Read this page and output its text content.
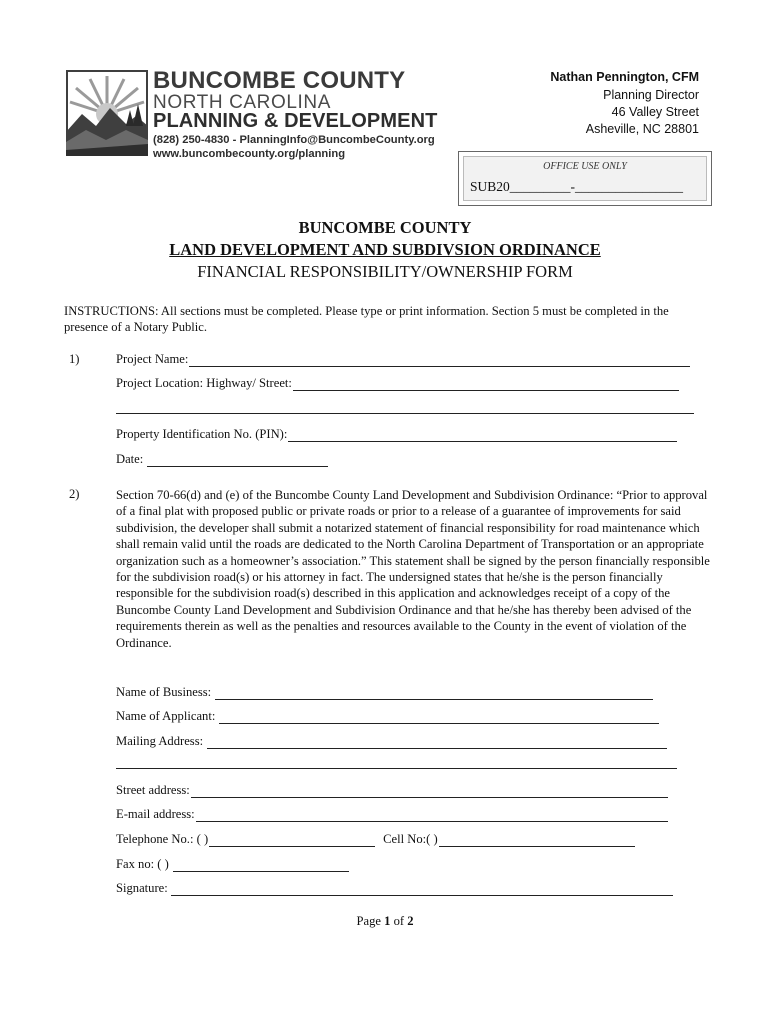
BUNCOMBE COUNTY
NORTH CAROLINA
PLANNING & DEVELOPMENT
(828) 250-4830 - PlanningInfo@BuncombeCounty.org
www.buncombecounty.org/planning
Nathan Pennington, CFM
Planning Director
46 Valley Street
Asheville, NC 28801
OFFICE USE ONLY
SUB20_________-________________
BUNCOMBE COUNTY
LAND DEVELOPMENT AND SUBDIVSION ORDINANCE
FINANCIAL RESPONSIBILITY/OWNERSHIP FORM
INSTRUCTIONS: All sections must be completed. Please type or print information. Section 5 must be completed in the presence of a Notary Public.
1)	Project Name:
Project Location: Highway/ Street:
Property Identification No. (PIN):
Date:
2)	Section 70-66(d) and (e) of the Buncombe County Land Development and Subdivision Ordinance: “Prior to approval of a final plat with proposed public or private roads or prior to a release of a guarantee of improvements for said subdivision, the developer shall submit a notarized statement of financial responsibility for road maintenance which shall remain valid until the roads are dedicated to the North Carolina Department of Transportation or an appropriate organization such as a homeowner’s association.” This statement shall be signed by the person financially responsible for the subdivision road(s) or his attorney in fact. The undersigned states that he/she is the person financially responsible for the subdivision road(s) described in this application and acknowledges receipt of a copy of the Buncombe County Land Development and Subdivision Ordinance and that he/she has thereby been advised of the requirements therein as well as the penalties and resources available to the County in the event of violation of the Ordinance.
Name of Business:
Name of Applicant:
Mailing Address:
Street address:
E-mail address:
Telephone No.: ( )	Cell No:( )
Fax no: ( )
Signature:
Page 1 of 2
